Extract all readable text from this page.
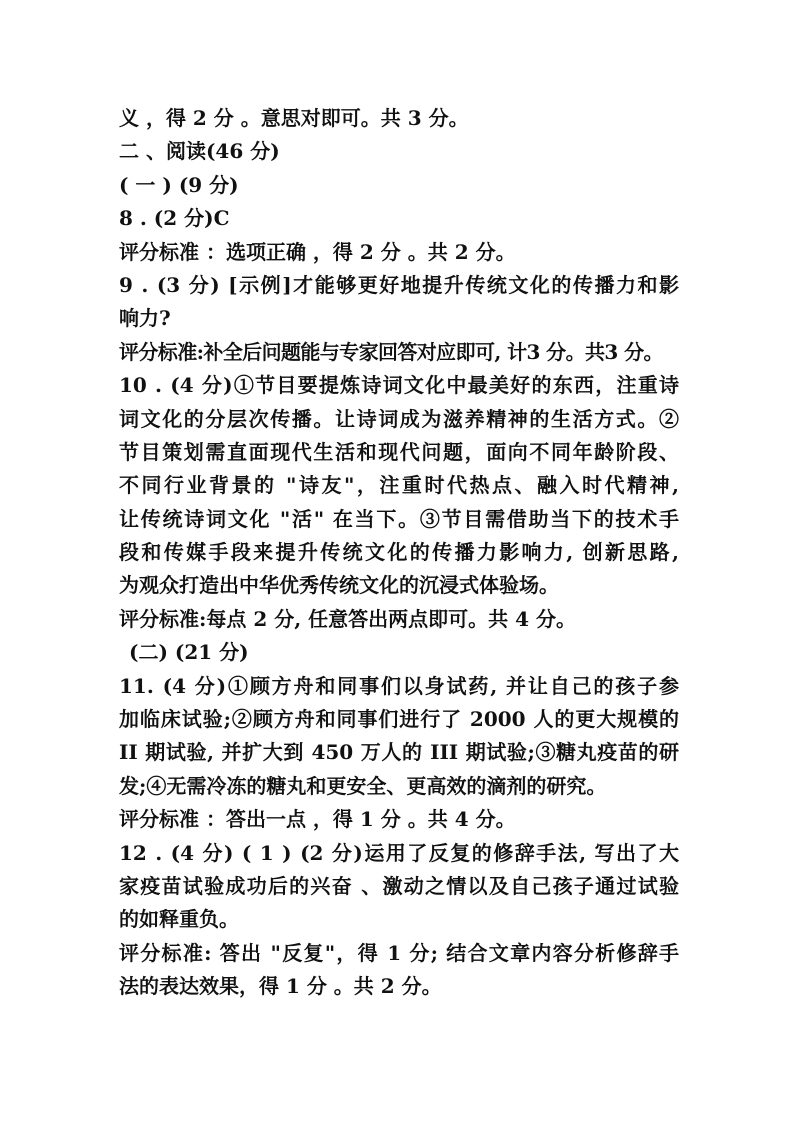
义 ，得 2 分 。意思对即可。共 3 分。
二 、阅读(46 分)
( 一 ) (9 分)
8 . (2 分)C
评分标准 ：选项正确 ，得 2 分 。共 2 分。
9 . (3 分) [示例]才能够更好地提升传统文化的传播力和影
响力?
评分标准:补全后问题能与专家回答对应即可, 计3 分。共3 分。
10 . (4 分)①节目要提炼诗词文化中最美好的东西，注重诗
词文化的分层次传播。让诗词成为滋养精神的生活方式。②
节目策划需直面现代生活和现代问题，面向不同年龄阶段、
不同行业背景的 "诗友"，注重时代热点、融入时代精神,
让传统诗词文化 "活" 在当下。③节目需借助当下的技术手
段和传媒手段来提升传统文化的传播力影响力, 创新思路,
为观众打造出中华优秀传统文化的沉浸式体验场。
评分标准:每点 2 分, 任意答出两点即可。共 4 分。
(二) (21 分)
11. (4 分)①顾方舟和同事们以身试药, 并让自己的孩子参
加临床试验;②顾方舟和同事们进行了 2000 人的更大规模的
II 期试验, 并扩大到 450 万人的 III 期试验;③糖丸疫苗的研
发;④无需冷冻的糖丸和更安全、更高效的滴剂的研究。
评分标准 ：答出一点 ，得 1 分 。共 4 分。
12 . (4 分) ( 1 ) (2 分)运用了反复的修辞手法, 写出了大
家疫苗试验成功后的兴奋 、激动之情以及自己孩子通过试验
的如释重负。
评分标准: 答出 "反复"，得 1 分; 结合文章内容分析修辞手
法的表达效果，得 1 分 。共 2 分。
